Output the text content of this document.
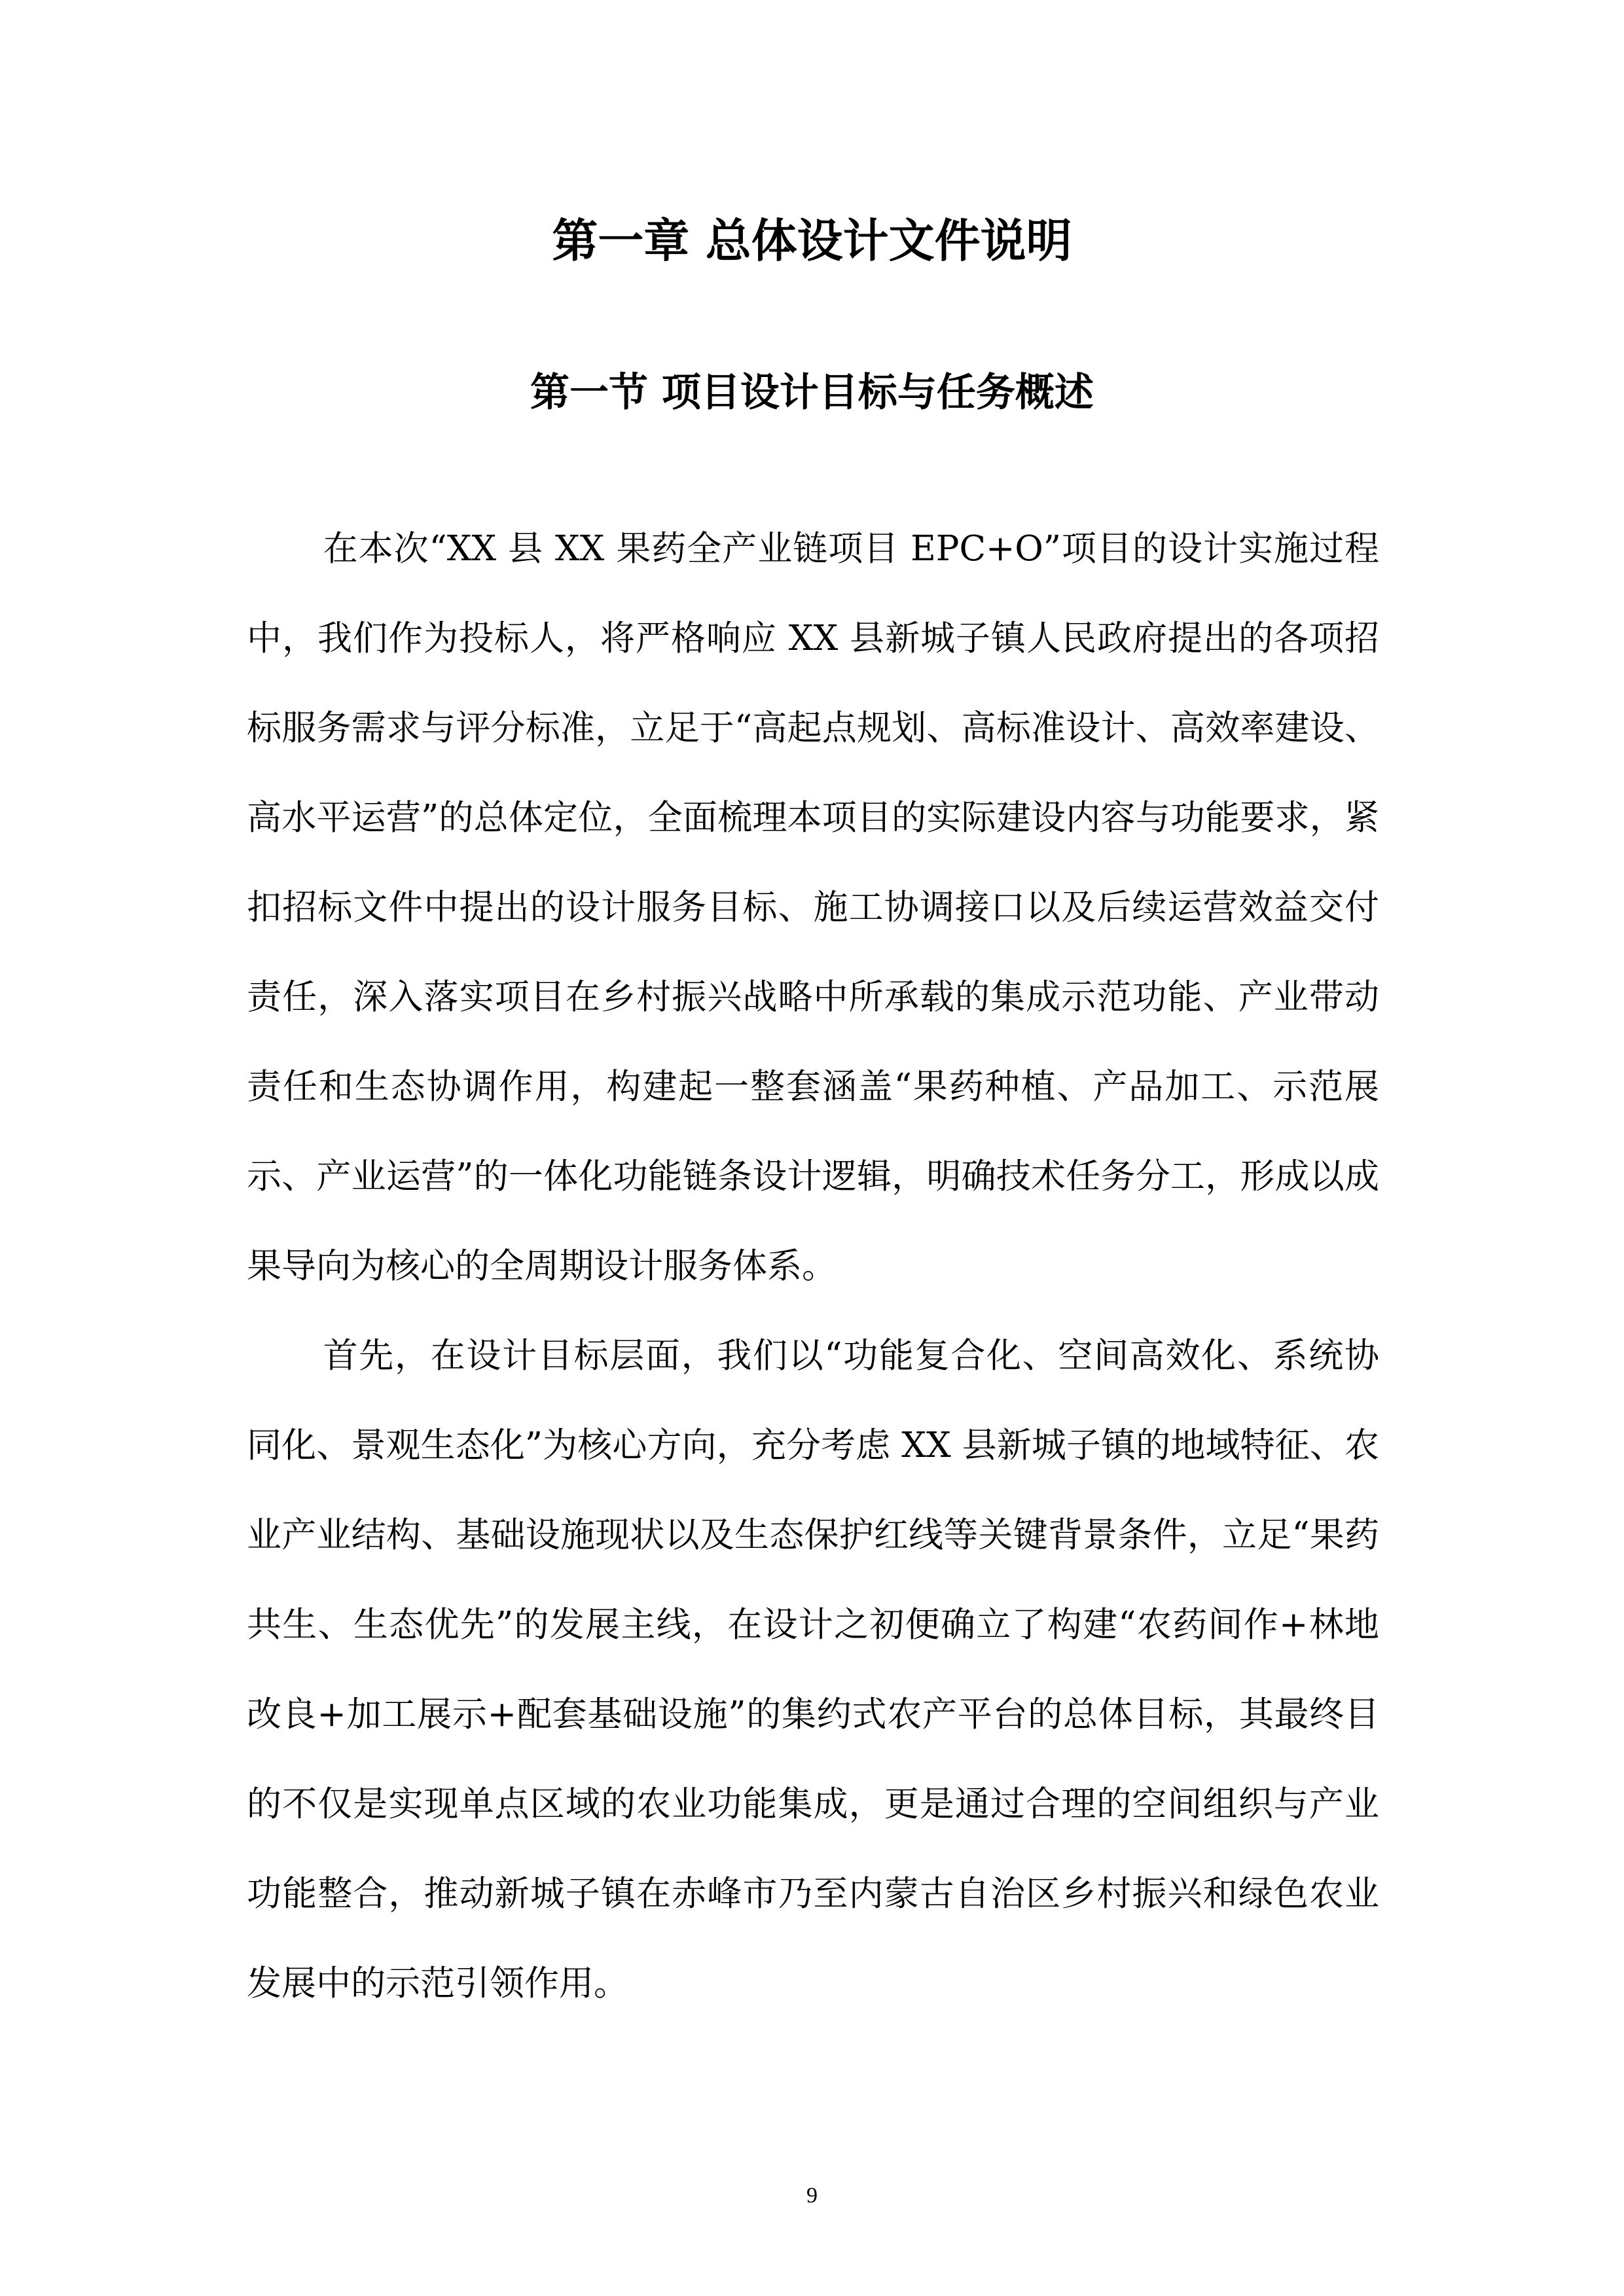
第一章 总体设计文件说明
第一节 项目设计目标与任务概述

在本次“XX 县 XX 果药全产业链项目 EPC+O”项目的设计实施过程中，我们作为投标人，将严格响应 XX 县新城子镇人民政府提出的各项招标服务需求与评分标准，立足于“高起点规划、高标准设计、高效率建设、高水平运营”的总体定位，全面梳理本项目的实际建设内容与功能要求，紧扣招标文件中提出的设计服务目标、施工协调接口以及后续运营效益交付责任，深入落实项目在乡村振兴战略中所承载的集成示范功能、产业带动责任和生态协调作用，构建起一整套涵盖“果药种植、产品加工、示范展示、产业运营”的一体化功能链条设计逻辑，明确技术任务分工，形成以成果导向为核心的全周期设计服务体系。

首先，在设计目标层面，我们以“功能复合化、空间高效化、系统协同化、景观生态化”为核心方向，充分考虑 XX 县新城子镇的地域特征、农业产业结构、基础设施现状以及生态保护红线等关键背景条件，立足“果药共生、生态优先”的发展主线，在设计之初便确立了构建“农药间作+林地改良+加工展示+配套基础设施”的集约式农产平台的总体目标，其最终目的不仅是实现单点区域的农业功能集成，更是通过合理的空间组织与产业功能整合，推动新城子镇在赤峰市乃至内蒙古自治区乡村振兴和绿色农业发展中的示范引领作用。

9
